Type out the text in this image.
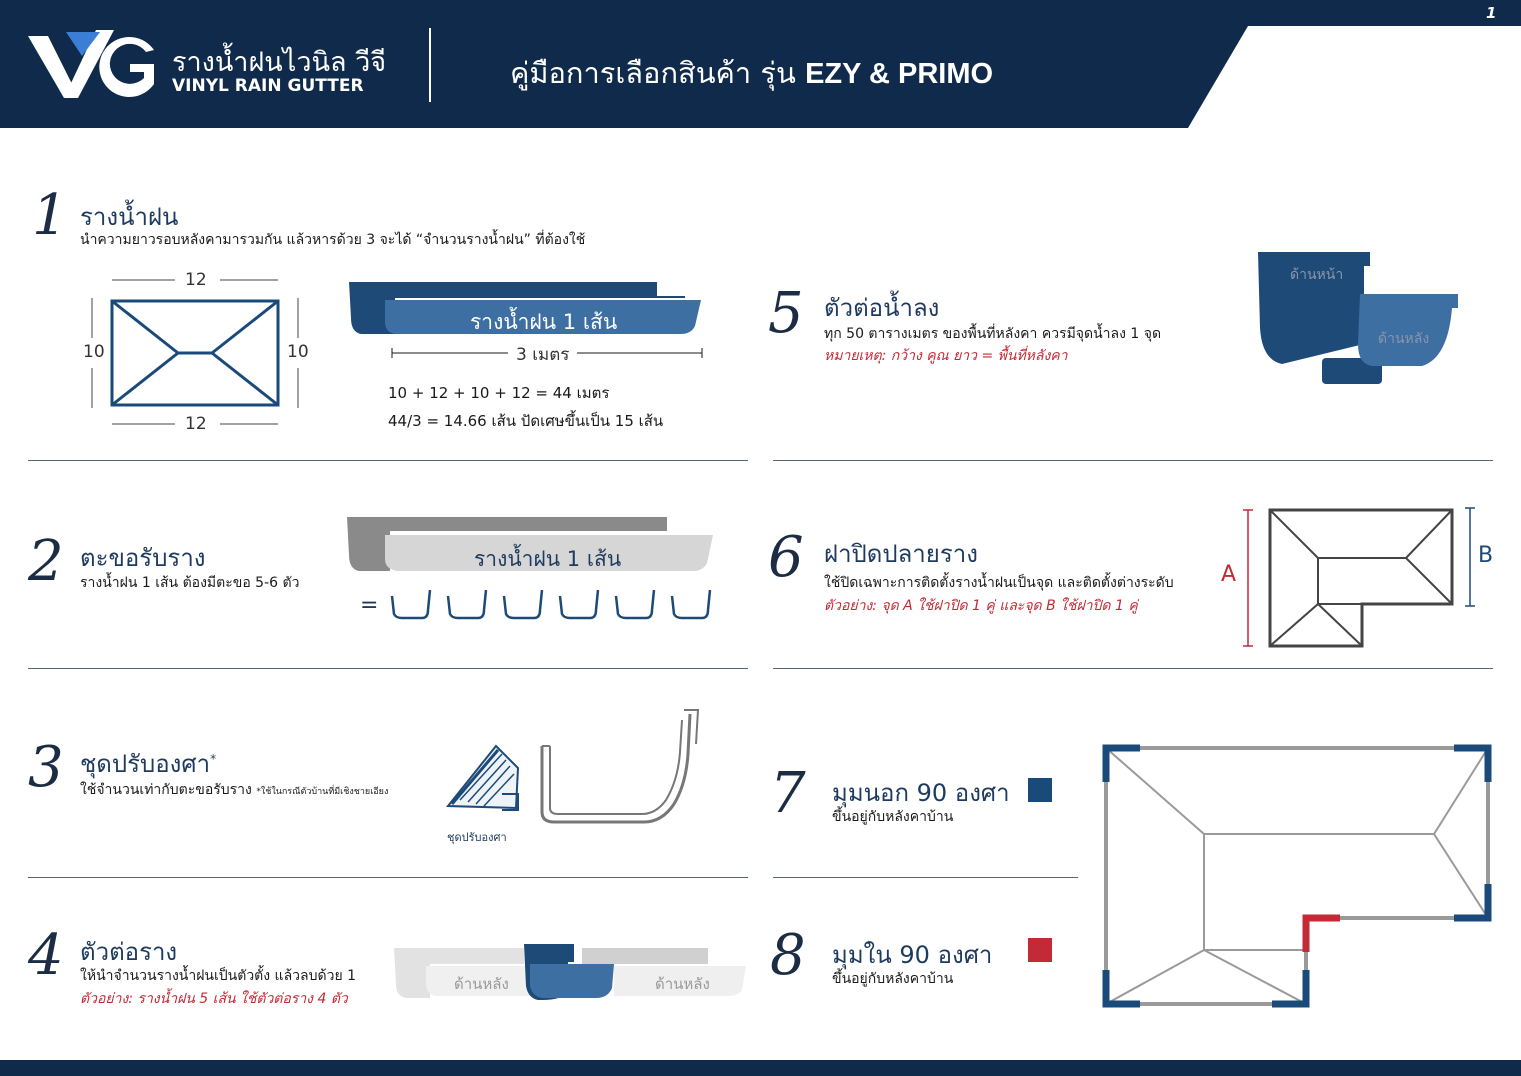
รางน้ำฝนไวนิล วีจี
VINYL RAIN GUTTER	คู่มือการเลือกสินค้า รุ่น EZY & PRIMO
1
1 รางน้ำฝน
นำความยาวรอบหลังคามารวมกัน แล้วหารด้วย 3 จะได้ “จำนวนรางน้ำฝน” ที่ต้องใช้
12
12
10	10
รางน้ำฝน 1 เส้น
3 เมตร
10 + 12 + 10 + 12 = 44 เมตร
44/3 = 14.66 เส้น ปัดเศษขึ้นเป็น 15 เส้น
2 ตะขอรับราง
รางน้ำฝน 1 เส้น ต้องมีตะขอ 5-6 ตัว
รางน้ำฝน 1 เส้น
=
3 ชุดปรับองศา*
ใช้จำนวนเท่ากับตะขอรับราง *ใช้ในกรณีตัวบ้านที่มีเชิงชายเอียง
ชุดปรับองศา
4 ตัวต่อราง
ให้นำจำนวนรางน้ำฝนเป็นตัวตั้ง แล้วลบด้วย 1
ตัวอย่าง: รางน้ำฝน 5 เส้น ใช้ตัวต่อราง 4 ตัว
ด้านหลัง	ด้านหลัง
5 ตัวต่อน้ำลง
ทุก 50 ตารางเมตร ของพื้นที่หลังคา ควรมีจุดน้ำลง 1 จุด
หมายเหตุ: กว้าง คูณ ยาว = พื้นที่หลังคา
ด้านหน้า
ด้านหลัง
6 ฝาปิดปลายราง
ใช้ปิดเฉพาะการติดตั้งรางน้ำฝนเป็นจุด และติดตั้งต่างระดับ
ตัวอย่าง: จุด A ใช้ฝาปิด 1 คู่ และจุด B ใช้ฝาปิด 1 คู่
A
B
7 มุมนอก 90 องศา
ขึ้นอยู่กับหลังคาบ้าน
8 มุมใน 90 องศา
ขึ้นอยู่กับหลังคาบ้าน
